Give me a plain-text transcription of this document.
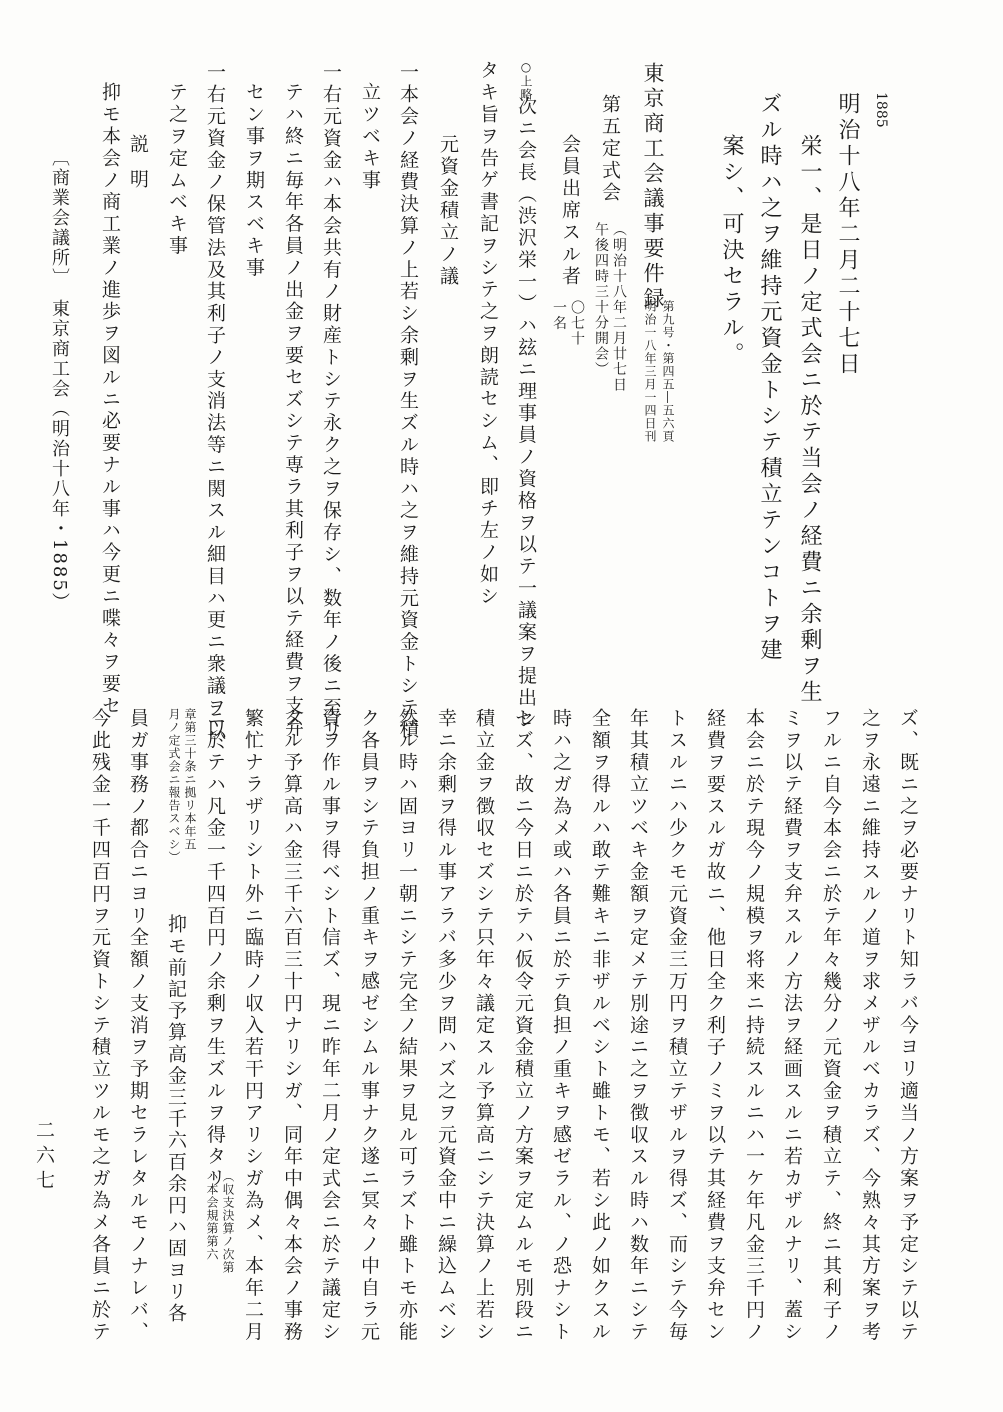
1885
明治十八年二月二十七日
栄一、是日ノ定式会ニ於テ当会ノ経費ニ余剰ヲ生
ズル時ハ之ヲ維持元資金トシテ積立テンコトヲ建
案シ、可決セラル。
東京商工会議事要件録
第九号・第四五―五六頁
明治一八年三月一四日刊
第五定式会
（明治十八年二月廿七日
午後四時三十分開会）
会員出席スル者
〇七十
一名
○上略
次ニ会長（渋沢栄一）ハ玆ニ理事員ノ資格ヲ以テ一議案ヲ提出シ
タキ旨ヲ告ゲ書記ヲシテ之ヲ朗読セシム、即チ左ノ如シ
元資金積立ノ議
一本会ノ経費決算ノ上若シ余剰ヲ生ズル時ハ之ヲ維持元資金トシテ積
立ツベキ事
一右元資金ハ本会共有ノ財産トシテ永ク之ヲ保存シ、数年ノ後ニ至リ
テハ終ニ毎年各員ノ出金ヲ要セズシテ専ラ其利子ヲ以テ経費ヲ支弁
セン事ヲ期スベキ事
一右元資金ノ保管法及其利子ノ支消法等ニ関スル細目ハ更ニ衆議ヲ以
テ之ヲ定ムベキ事
説明
抑モ本会ノ商工業ノ進歩ヲ図ルニ必要ナル事ハ今更ニ喋々ヲ要セ
〔商業会議所〕　東京商工会（明治十八年・1885）
ズ、既ニ之ヲ必要ナリト知ラバ今ヨリ適当ノ方案ヲ予定シテ以テ
之ヲ永遠ニ維持スルノ道ヲ求メザルベカラズ、今熟々其方案ヲ考
フルニ自今本会ニ於テ年々幾分ノ元資金ヲ積立テ、終ニ其利子ノ
ミヲ以テ経費ヲ支弁スルノ方法ヲ経画スルニ若カザルナリ、蓋シ
本会ニ於テ現今ノ規模ヲ将来ニ持続スルニハ一ケ年凡金三千円ノ
経費ヲ要スルガ故ニ、他日全ク利子ノミヲ以テ其経費ヲ支弁セン
トスルニハ少クモ元資金三万円ヲ積立テザルヲ得ズ、而シテ今毎
年其積立ツベキ金額ヲ定メテ別途ニ之ヲ徴収スル時ハ数年ニシテ
全額ヲ得ルハ敢テ難キニ非ザルベシト雖トモ、若シ此ノ如クスル
時ハ之ガ為メ或ハ各員ニ於テ負担ノ重キヲ感ゼラル、ノ恐ナシト
セズ、故ニ今日ニ於テハ仮令元資金積立ノ方案ヲ定ムルモ別段ニ
積立金ヲ徴収セズシテ只年々議定スル予算高ニシテ決算ノ上若シ
幸ニ余剰ヲ得ル事アラバ多少ヲ問ハズ之ヲ元資金中ニ繰込ムベシ
然ル時ハ固ヨリ一朝ニシテ完全ノ結果ヲ見ル可ラズト雖トモ亦能
ク各員ヲシテ負担ノ重キヲ感ゼシムル事ナク遂ニ冥々ノ中自ラ元
資ヲ作ル事ヲ得ベシト信ズ、現ニ昨年二月ノ定式会ニ於テ議定シ
タル予算高ハ金三千六百三十円ナリシガ、同年中偶々本会ノ事務
繁忙ナラザリシト外ニ臨時ノ収入若干円アリシガ為メ、本年二月
ニ於テハ凡金一千四百円ノ余剰ヲ生ズルヲ得タリ
（収支決算ノ次第
ハ本会規第第六
章第三十条ニ拠リ本年五
月ノ定式会ニ報告スベシ）
抑モ前記予算高金三千六百余円ハ固ヨリ各
員ガ事務ノ都合ニヨリ全額ノ支消ヲ予期セラレタルモノナレバ、
今此残金一千四百円ヲ元資トシテ積立ツルモ之ガ為メ各員ニ於テ
二六七
